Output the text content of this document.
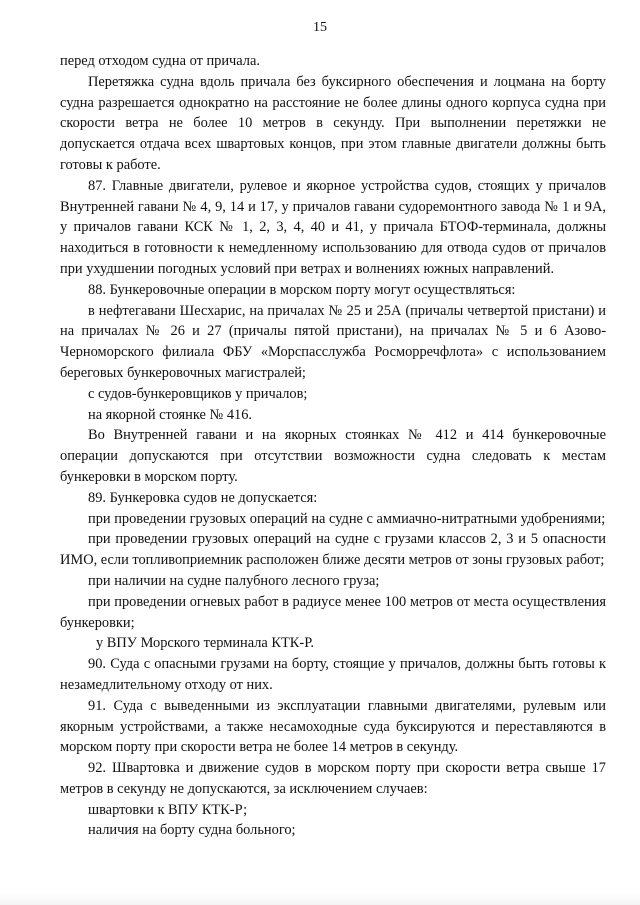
15

перед отходом судна от причала.

Перетяжка судна вдоль причала без буксирного обеспечения и лоцмана на борту судна разрешается однократно на расстояние не более длины одного корпуса судна при скорости ветра не более 10 метров в секунду. При выполнении перетяжки не допускается отдача всех швартовых концов, при этом главные двигатели должны быть готовы к работе.

87. Главные двигатели, рулевое и якорное устройства судов, стоящих у причалов Внутренней гавани № 4, 9, 14 и 17, у причалов гавани судоремонтного завода № 1 и 9А, у причалов гавани КСК № 1, 2, 3, 4, 40 и 41, у причала БТОФ-терминала, должны находиться в готовности к немедленному использованию для отвода судов от причалов при ухудшении погодных условий при ветрах и волнениях южных направлений.

88. Бункеровочные операции в морском порту могут осуществляться:

в нефтегавани Шесхарис, на причалах № 25 и 25А (причалы четвертой пристани) и на причалах № 26 и 27 (причалы пятой пристани), на причалах № 5 и 6 Азово-Черноморского филиала ФБУ «Морспасслужба Росморречфлота» с использованием береговых бункеровочных магистралей;

с судов-бункеровщиков у причалов;

на якорной стоянке № 416.

Во Внутренней гавани и на якорных стоянках № 412 и 414 бункеровочные операции допускаются при отсутствии возможности судна следовать к местам бункеровки в морском порту.

89. Бункеровка судов не допускается:

при проведении грузовых операций на судне с аммиачно-нитратными удобрениями;

при проведении грузовых операций на судне с грузами классов 2, 3 и 5 опасности ИМО, если топливоприемник расположен ближе десяти метров от зоны грузовых работ;

при наличии на судне палубного лесного груза;

при проведении огневых работ в радиусе менее 100 метров от места осуществления бункеровки;

у ВПУ Морского терминала КТК-Р.

90. Суда с опасными грузами на борту, стоящие у причалов, должны быть готовы к незамедлительному отходу от них.

91. Суда с выведенными из эксплуатации главными двигателями, рулевым или якорным устройствами, а также несамоходные суда буксируются и переставляются в морском порту при скорости ветра не более 14 метров в секунду.

92. Швартовка и движение судов в морском порту при скорости ветра свыше 17 метров в секунду не допускаются, за исключением случаев:

швартовки к ВПУ КТК-Р;

наличия на борту судна больного;
